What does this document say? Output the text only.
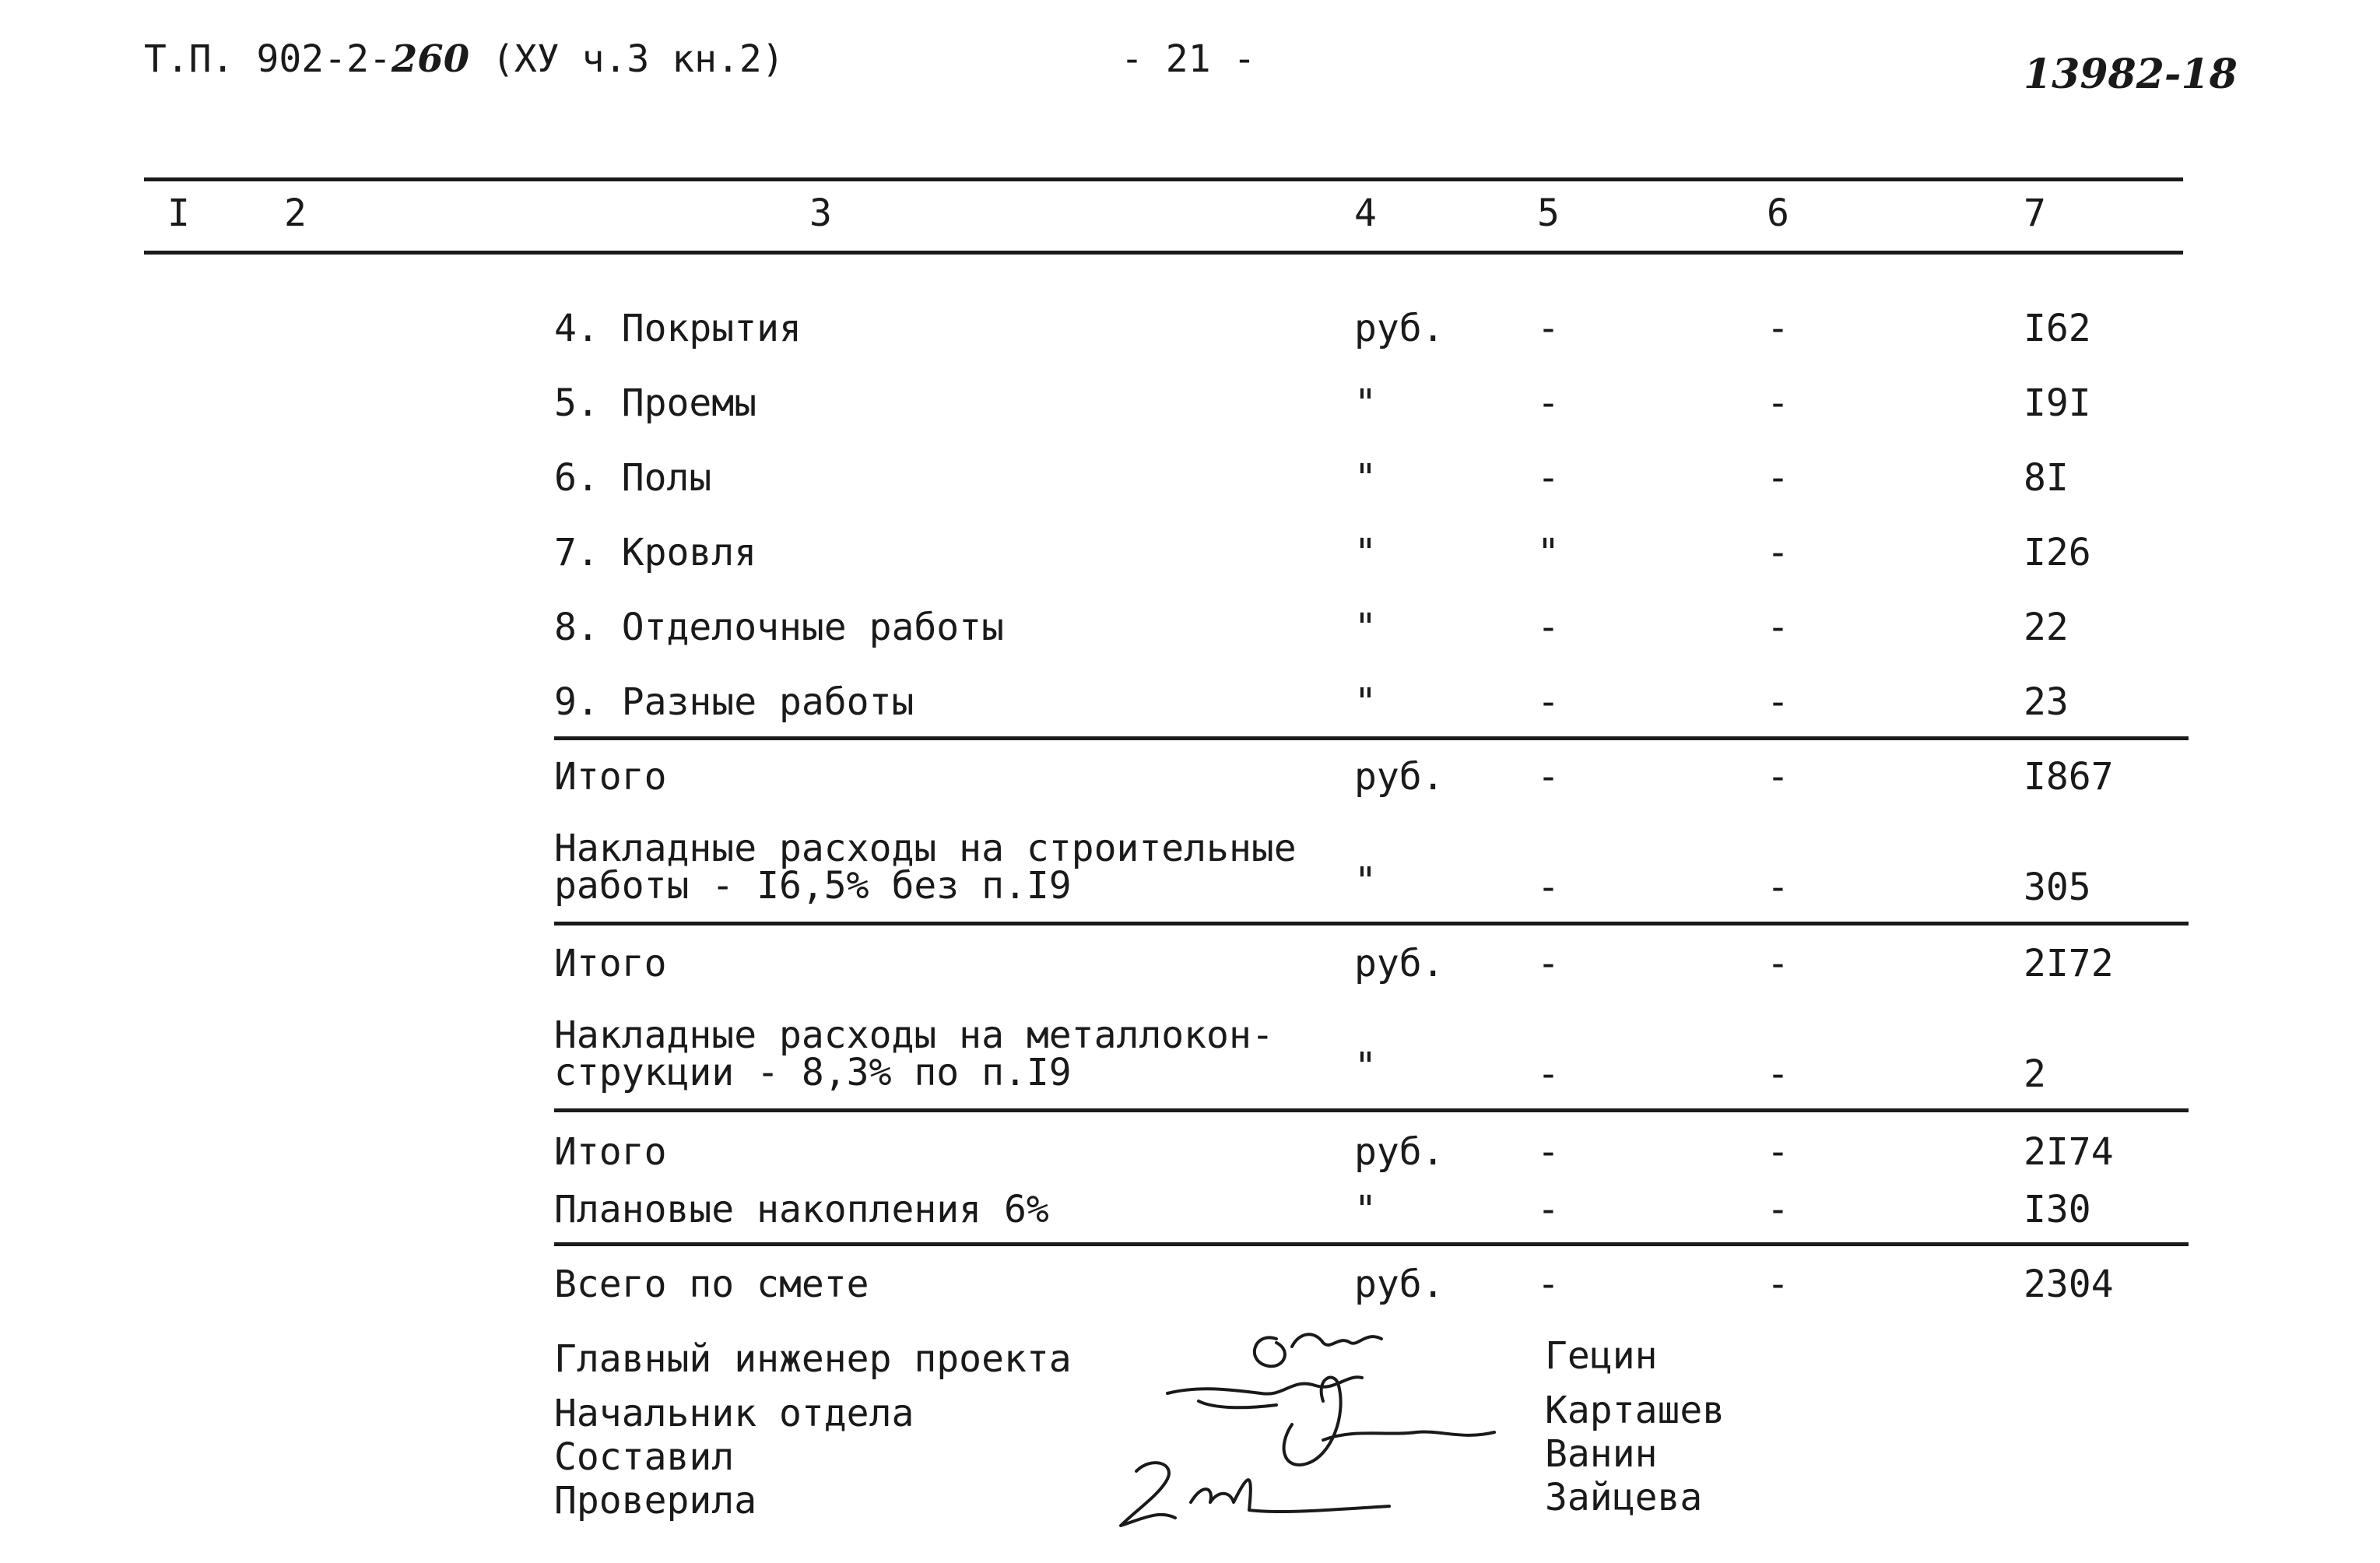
Т.П. 902-2-260 (ХУ ч.3 кн.2)	- 21 -	13982-18
I	2	3	4	5	6	7
4. Покрытия	руб. -	-	I62
5. Проемы	"	-	-	I9I
6. Полы	"	-	-	8I
7. Кровля	"	"	-	I26
8. Отделочные работы	"	-	-	22
9. Разные работы	"	-	-	23
Итого	руб. -	-	I867
Накладные расходы на строительные работы - I6,5% без п.I9	"	-	-	305
Итого	руб. -	-	2I72
Накладные расходы на металлокон- струкции - 8,3% по п.I9	"	-	-	2
Итого	руб. -	-	2I74
Плановые накопления 6%	"	-	-	I30
Всего по смете	руб. -	-	2304
Главный инженер проекта
Начальник отдела
Составил
Проверила
Гецин
Карташев
Ванин
Зайцева
